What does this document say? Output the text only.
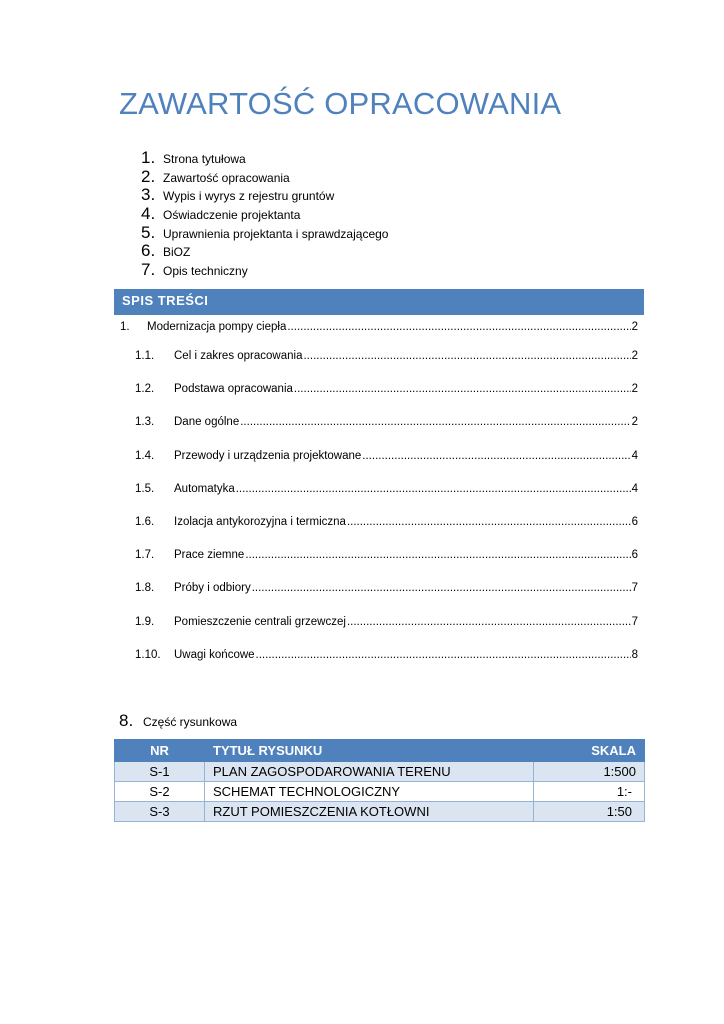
ZAWARTOŚĆ OPRACOWANIA
1. Strona tytułowa
2. Zawartość opracowania
3. Wypis i wyrys z rejestru gruntów
4. Oświadczenie projektanta
5. Uprawnienia projektanta i sprawdzającego
6. BiOZ
7. Opis techniczny
SPIS TREŚCI
1.	Modernizacja pompy ciepła .....	2
1.1.	Cel i zakres opracowania .....	2
1.2.	Podstawa opracowania .....	2
1.3.	Dane ogólne .....	2
1.4.	Przewody i urządzenia projektowane .....	4
1.5.	Automatyka .....	4
1.6.	Izolacja antykorozyjna i termiczna .....	6
1.7.	Prace ziemne .....	6
1.8.	Próby i odbiory .....	7
1.9.	Pomieszczenie centrali grzewczej .....	7
1.10.	Uwagi końcowe .....	8
8. Część rysunkowa
NR	TYTUŁ RYSUNKU	SKALA
S-1	PLAN ZAGOSPODAROWANIA TERENU	1:500
S-2	SCHEMAT TECHNOLOGICZNY	1:-
S-3	RZUT POMIESZCZENIA KOTŁOWNI	1:50
